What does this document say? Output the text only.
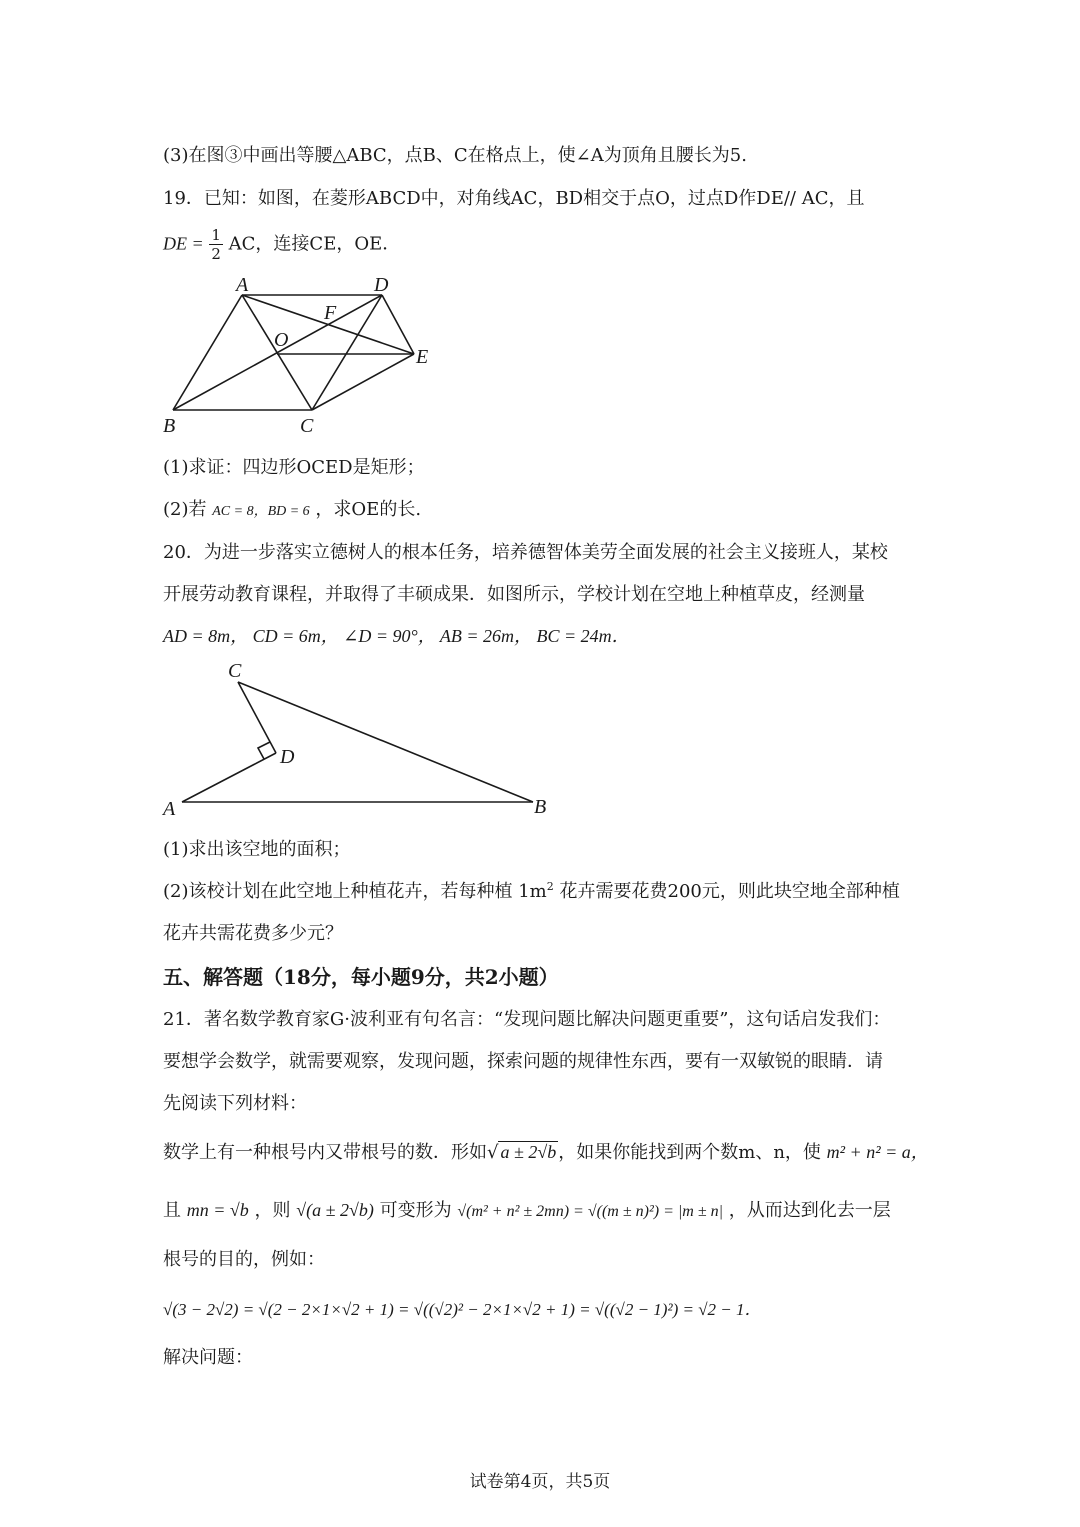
(3)在图③中画出等腰△ABC，点B、C在格点上，使∠A为顶角且腰长为5.
19．已知：如图，在菱形ABCD中，对角线AC，BD相交于点O，过点D作DE// AC，且
DE = $\frac{1}{2}$ AC，连接CE，OE．
A	D
F
O
E
B	C
(1)求证：四边形OCED是矩形；
(2)若 AC = 8，BD = 6 ，求OE的长.
20．为进一步落实立德树人的根本任务，培养德智体美劳全面发展的社会主义接班人，某校
开展劳动教育课程，并取得了丰硕成果．如图所示，学校计划在空地上种植草皮，经测量
AD = 8m， CD = 6m， ∠D = 90°， AB = 26m， BC = 24m．
C
D
A	B
(1)求出该空地的面积；
(2)该校计划在此空地上种植花卉，若每种植 $1m^2$ 花卉需要花费200元，则此块空地全部种植
花卉共需花费多少元？
五、解答题（18分，每小题9分，共2小题）
21．著名数学教育家G·波利亚有句名言：“发现问题比解决问题更重要”，这句话启发我们：
要想学会数学，就需要观察，发现问题，探索问题的规律性东西，要有一双敏锐的眼睛．请
先阅读下列材料：
数学上有一种根号内又带根号的数．形如√ a ± 2√b ，如果你能找到两个数m、n，使 m² + n² = a，
且 mn = √b ，则 √(a ± 2√b) 可变形为 √(m² + n² ± 2mn) = √((m ± n)²) = |m ± n| ，从而达到化去一层
根号的目的，例如：
√(3 − 2√2) = √(2 − 2×1×√2 + 1) = √((√2)² − 2×1×√2 + 1) = √((√2 − 1)²) = √2 − 1．
解决问题：
试卷第4页，共5页
